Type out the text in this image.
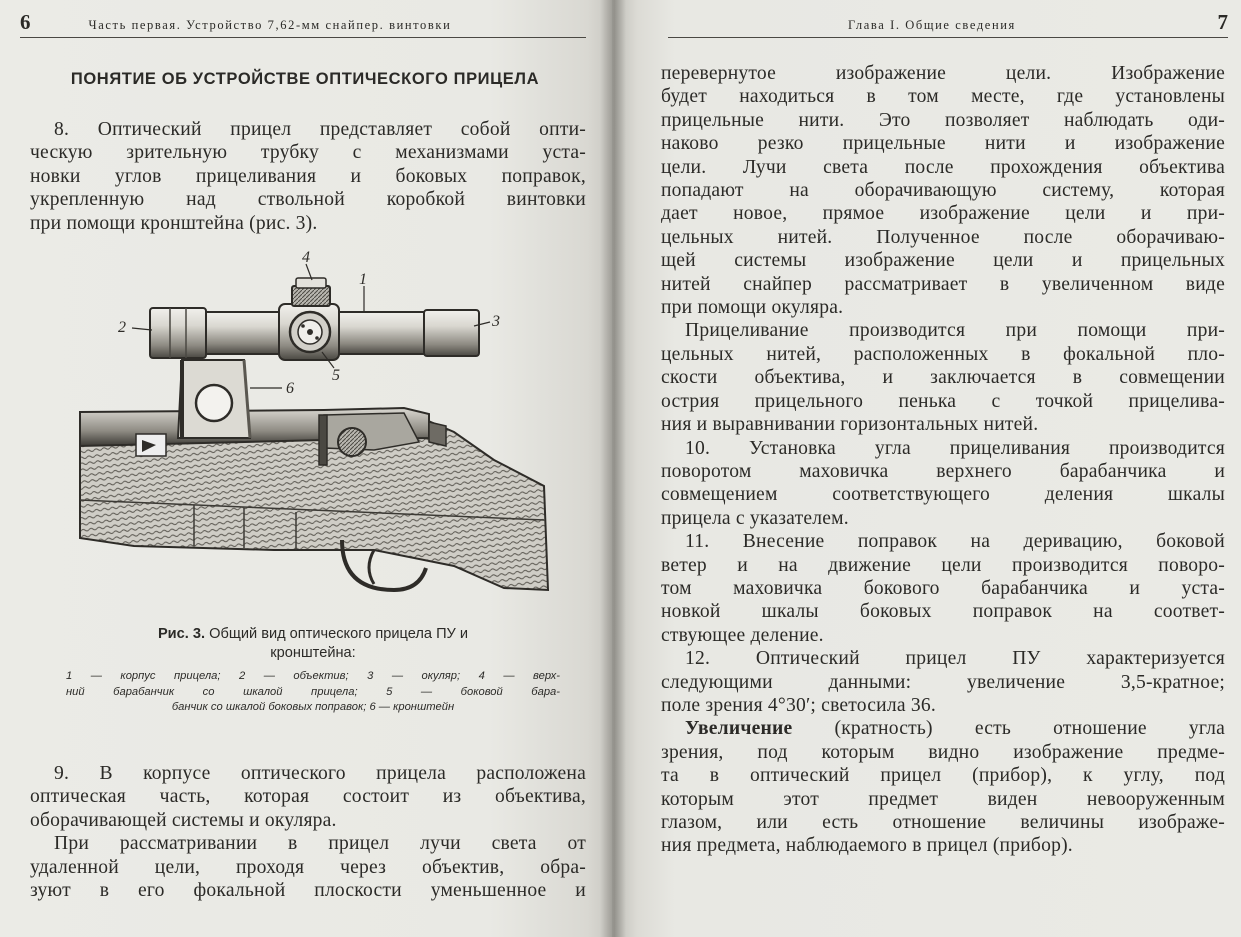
6	Часть первая. Устройство 7,62-мм снайпер. винтовки
ПОНЯТИЕ ОБ УСТРОЙСТВЕ ОПТИЧЕСКОГО ПРИЦЕЛА
8. Оптический прицел представляет собой опти-
ческую зрительную трубку с механизмами уста-
новки углов прицеливания и боковых поправок,
укрепленную над ствольной коробкой винтовки
при помощи кронштейна (рис. 3).
4
1
2	3
5
6
Рис. 3. Общий вид оптического прицела ПУ и
кронштейна:
1 — корпус прицела; 2 — объектив; 3 — окуляр; 4 — верх-
ний барабанчик со шкалой прицела; 5 — боковой бара-
банчик со шкалой боковых поправок; 6 — кронштейн
9. В корпусе оптического прицела расположена
оптическая часть, которая состоит из объектива,
оборачивающей системы и окуляра.
При рассматривании в прицел лучи света от
удаленной цели, проходя через объектив, обра-
зуют в его фокальной плоскости уменьшенное и
Глава I. Общие сведения	7
перевернутое изображение цели. Изображение
будет находиться в том месте, где установлены
прицельные нити. Это позволяет наблюдать оди-
наково резко прицельные нити и изображение
цели. Лучи света после прохождения объектива
попадают на оборачивающую систему, которая
дает новое, прямое изображение цели и при-
цельных нитей. Полученное после оборачиваю-
щей системы изображение цели и прицельных
нитей снайпер рассматривает в увеличенном виде
при помощи окуляра.
Прицеливание производится при помощи при-
цельных нитей, расположенных в фокальной пло-
скости объектива, и заключается в совмещении
острия прицельного пенька с точкой прицелива-
ния и выравнивании горизонтальных нитей.
10. Установка угла прицеливания производится
поворотом маховичка верхнего барабанчика и
совмещением соответствующего деления шкалы
прицела с указателем.
11. Внесение поправок на деривацию, боковой
ветер и на движение цели производится поворо-
том маховичка бокового барабанчика и уста-
новкой шкалы боковых поправок на соответ-
ствующее деление.
12. Оптический прицел ПУ характеризуется
следующими данными: увеличение 3,5-кратное;
поле зрения 4°30′; светосила 36.
Увеличение (кратность) есть отношение угла
зрения, под которым видно изображение предме-
та в оптический прицел (прибор), к углу, под
которым этот предмет виден невооруженным
глазом, или есть отношение величины изображе-
ния предмета, наблюдаемого в прицел (прибор).
